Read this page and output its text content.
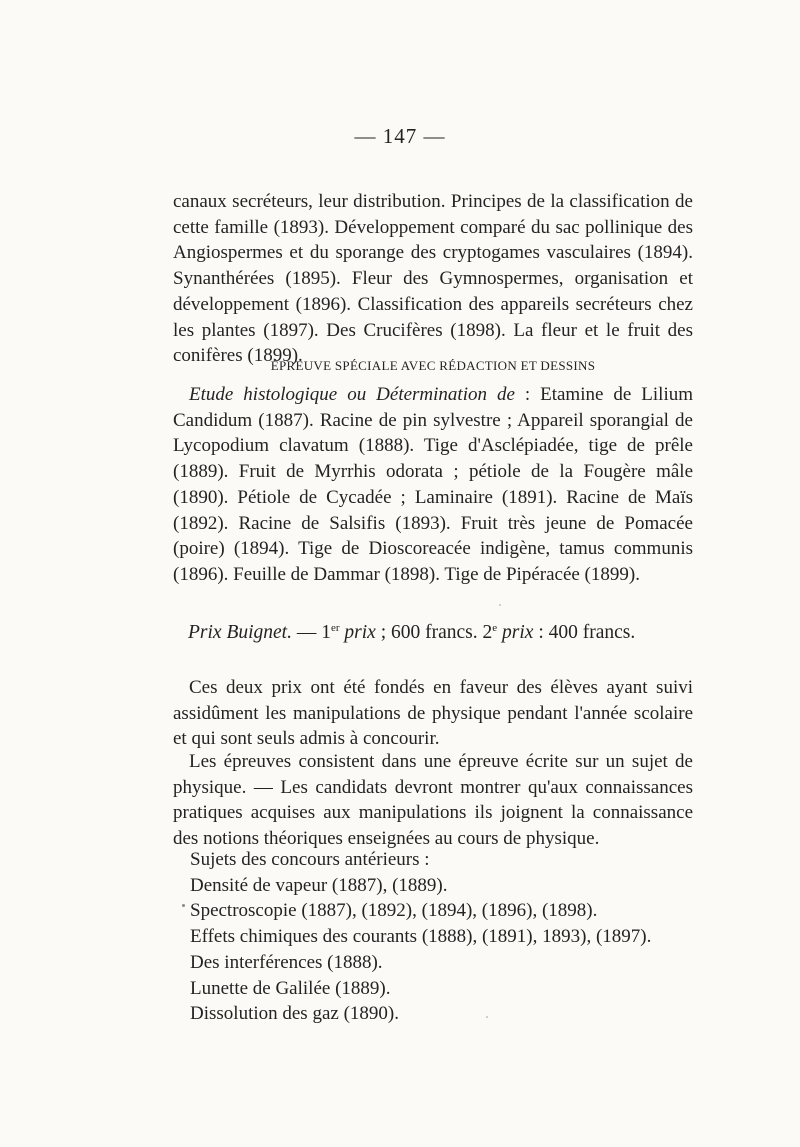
— 147 —

canaux secréteurs, leur distribution. Principes de la classification de cette famille (1893). Développement comparé du sac pollinique des Angiospermes et du sporange des cryptogames vasculaires (1894). Synanthérées (1895). Fleur des Gymnospermes, organisation et développement (1896). Classification des appareils secréteurs chez les plantes (1897). Des Crucifères (1898). La fleur et le fruit des conifères (1899).

ÉPREUVE SPÉCIALE AVEC RÉDACTION ET DESSINS

Etude histologique ou Détermination de : Etamine de Lilium Candidum (1887). Racine de pin sylvestre ; Appareil sporangial de Lycopodium clavatum (1888). Tige d'Asclépiadée, tige de prêle (1889). Fruit de Myrrhis odorata ; pétiole de la Fougère mâle (1890). Pétiole de Cycadée ; Laminaire (1891). Racine de Maïs (1892). Racine de Salsifis (1893). Fruit très jeune de Pomacée (poire) (1894). Tige de Dioscoreacée indigène, tamus communis (1896). Feuille de Dammar (1898). Tige de Pipéracée (1899).

Prix Buignet. — 1er prix ; 600 francs. 2e prix : 400 francs.

Ces deux prix ont été fondés en faveur des élèves ayant suivi assidûment les manipulations de physique pendant l'année scolaire et qui sont seuls admis à concourir.

Les épreuves consistent dans une épreuve écrite sur un sujet de physique. — Les candidats devront montrer qu'aux connaissances pratiques acquises aux manipulations ils joignent la connaissance des notions théoriques enseignées au cours de physique.

Sujets des concours antérieurs :
Densité de vapeur (1887), (1889).
Spectroscopie (1887), (1892), (1894), (1896), (1898).
Effets chimiques des courants (1888), (1891), 1893), (1897).
Des interférences (1888).
Lunette de Galilée (1889).
Dissolution des gaz (1890).
